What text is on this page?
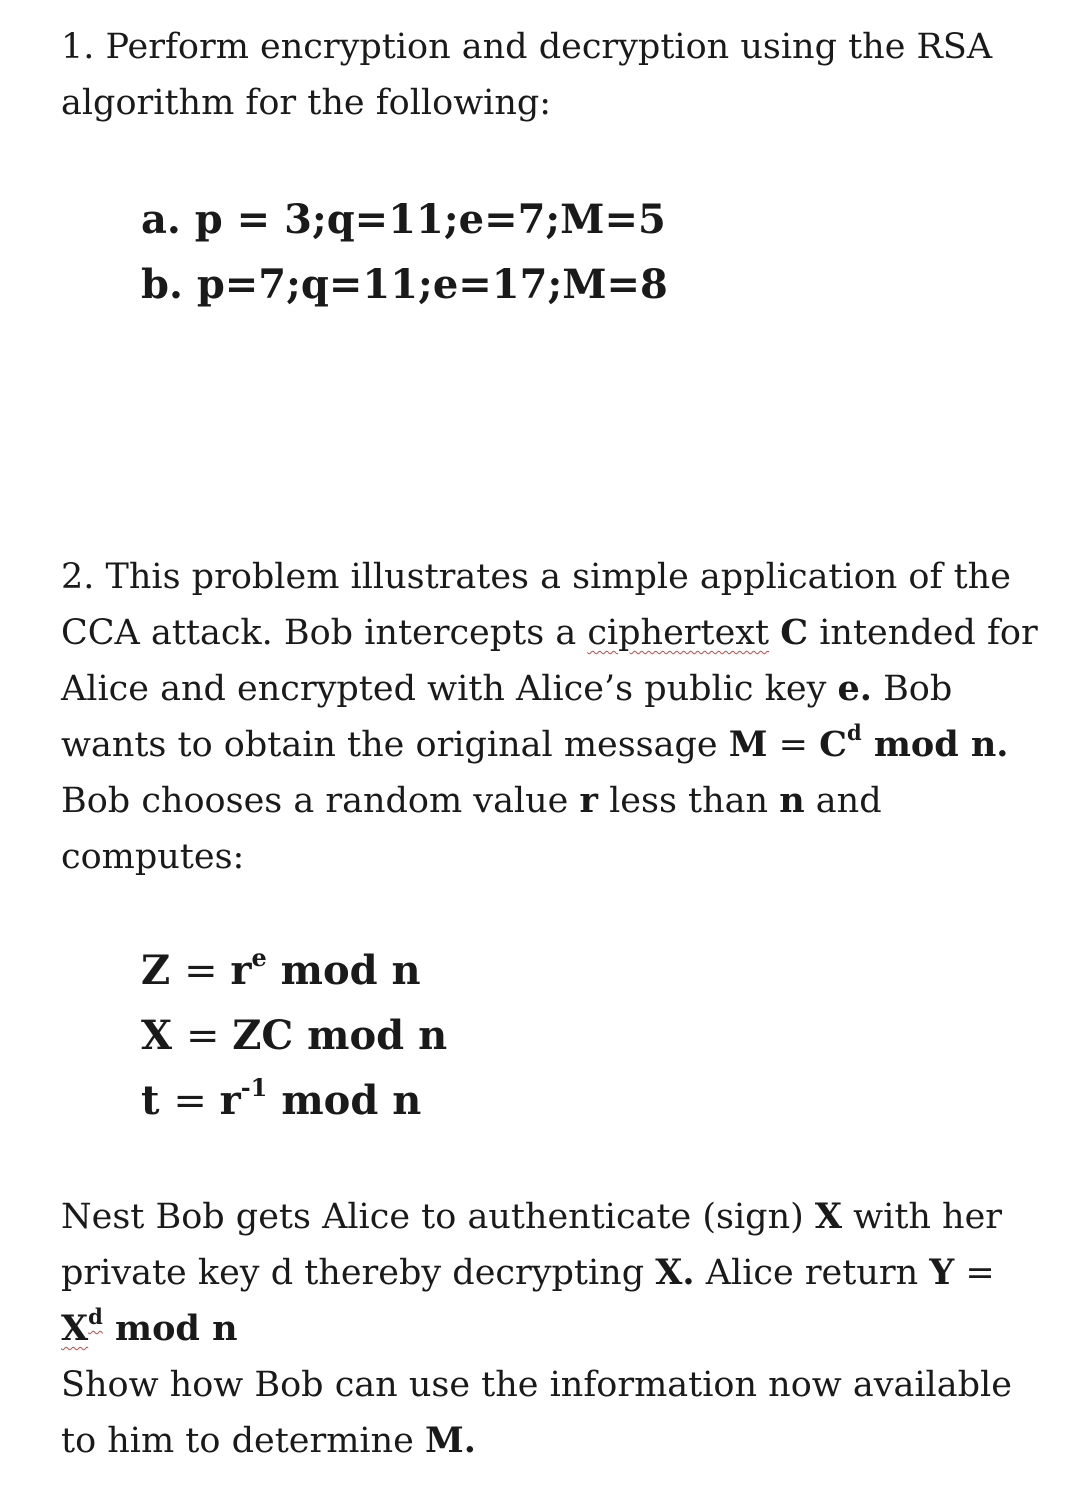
1. Perform encryption and decryption using the RSA algorithm for the following:

a. p = 3;q=11;e=7;M=5

b. p=7;q=11;e=17;M=8

2. This problem illustrates a simple application of the CCA attack. Bob intercepts a ciphertext C intended for Alice and encrypted with Alice’s public key e. Bob wants to obtain the original message $M = C^d$ mod n. Bob chooses a random value r less than n and computes:

$Z = r^e$ mod n

X = ZC mod n

$t = r^{-1}$ mod n

Nest Bob gets Alice to authenticate (sign) X with her private key d thereby decrypting X. Alice return Y =
$X^d$ mod n
Show how Bob can use the information now available to him to determine M.
